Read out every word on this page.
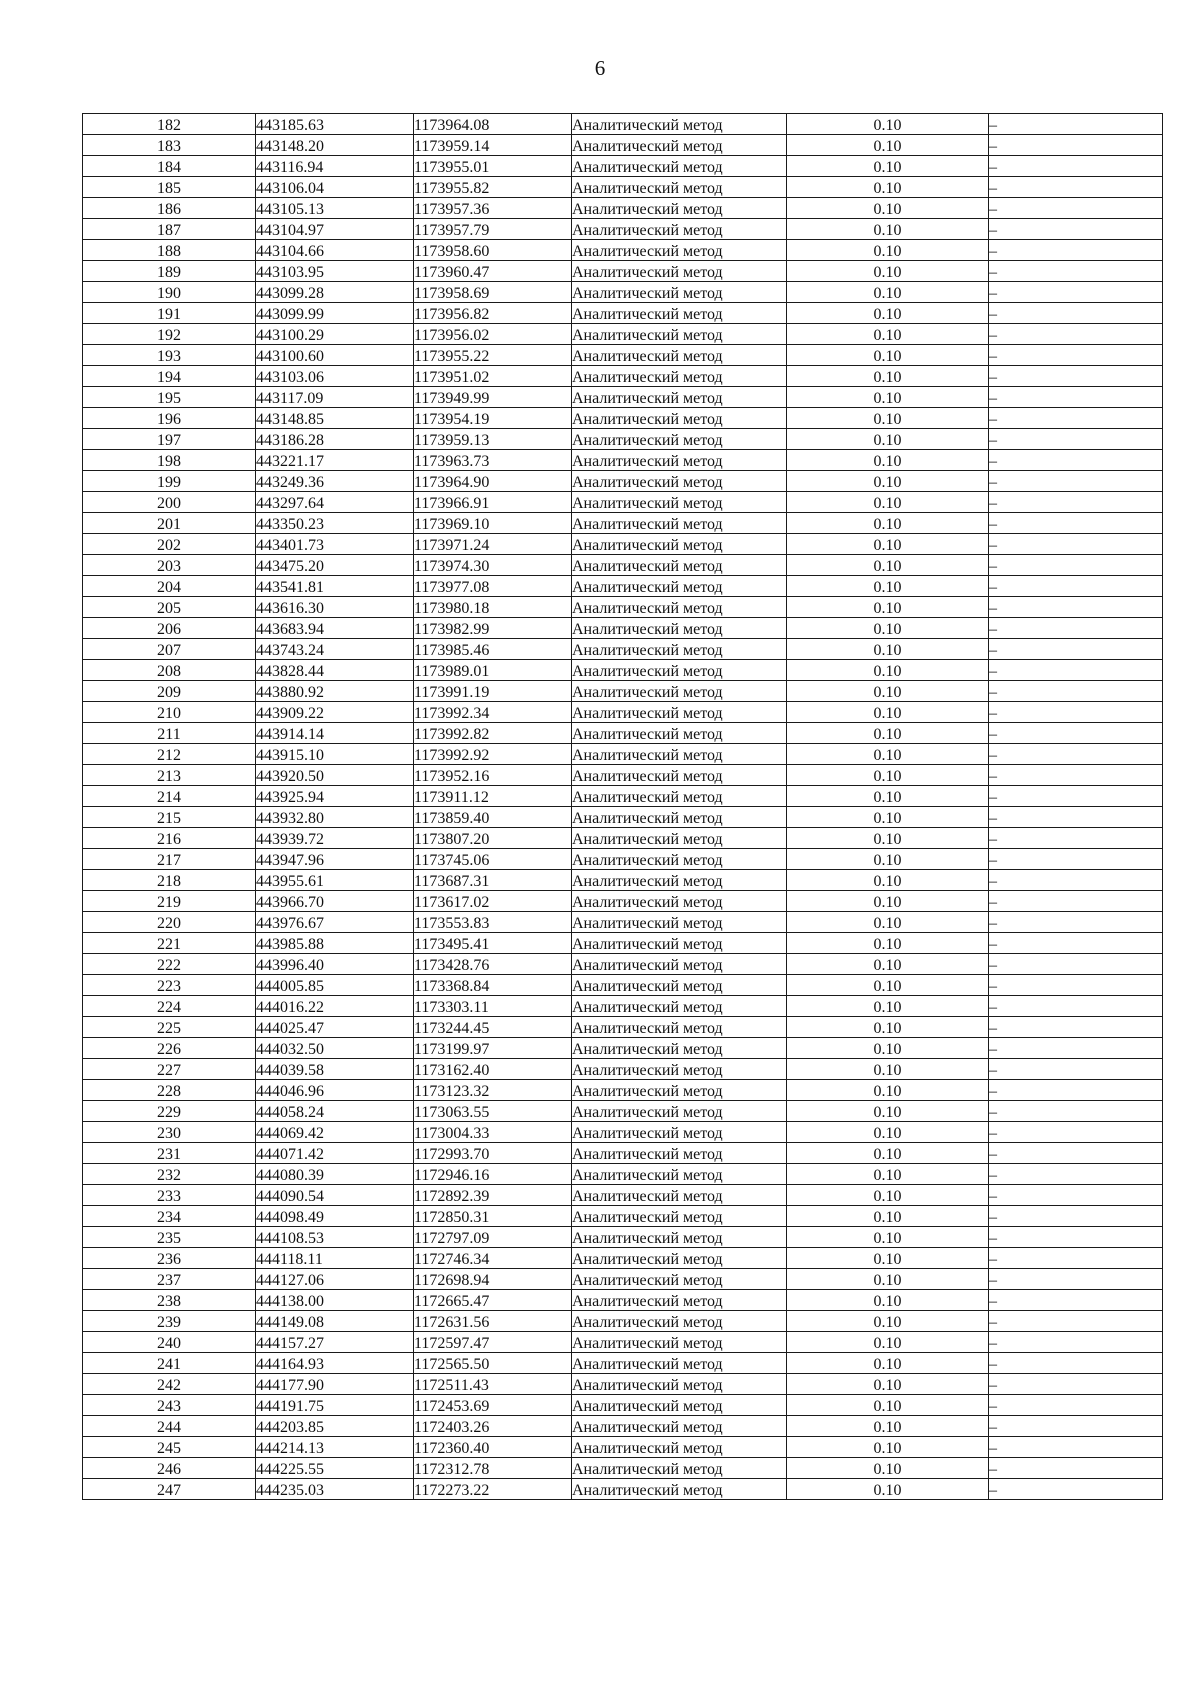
6
182	443185.63	1173964.08	Аналитический метод	0.10	–
183	443148.20	1173959.14	Аналитический метод	0.10	–
184	443116.94	1173955.01	Аналитический метод	0.10	–
185	443106.04	1173955.82	Аналитический метод	0.10	–
186	443105.13	1173957.36	Аналитический метод	0.10	–
187	443104.97	1173957.79	Аналитический метод	0.10	–
188	443104.66	1173958.60	Аналитический метод	0.10	–
189	443103.95	1173960.47	Аналитический метод	0.10	–
190	443099.28	1173958.69	Аналитический метод	0.10	–
191	443099.99	1173956.82	Аналитический метод	0.10	–
192	443100.29	1173956.02	Аналитический метод	0.10	–
193	443100.60	1173955.22	Аналитический метод	0.10	–
194	443103.06	1173951.02	Аналитический метод	0.10	–
195	443117.09	1173949.99	Аналитический метод	0.10	–
196	443148.85	1173954.19	Аналитический метод	0.10	–
197	443186.28	1173959.13	Аналитический метод	0.10	–
198	443221.17	1173963.73	Аналитический метод	0.10	–
199	443249.36	1173964.90	Аналитический метод	0.10	–
200	443297.64	1173966.91	Аналитический метод	0.10	–
201	443350.23	1173969.10	Аналитический метод	0.10	–
202	443401.73	1173971.24	Аналитический метод	0.10	–
203	443475.20	1173974.30	Аналитический метод	0.10	–
204	443541.81	1173977.08	Аналитический метод	0.10	–
205	443616.30	1173980.18	Аналитический метод	0.10	–
206	443683.94	1173982.99	Аналитический метод	0.10	–
207	443743.24	1173985.46	Аналитический метод	0.10	–
208	443828.44	1173989.01	Аналитический метод	0.10	–
209	443880.92	1173991.19	Аналитический метод	0.10	–
210	443909.22	1173992.34	Аналитический метод	0.10	–
211	443914.14	1173992.82	Аналитический метод	0.10	–
212	443915.10	1173992.92	Аналитический метод	0.10	–
213	443920.50	1173952.16	Аналитический метод	0.10	–
214	443925.94	1173911.12	Аналитический метод	0.10	–
215	443932.80	1173859.40	Аналитический метод	0.10	–
216	443939.72	1173807.20	Аналитический метод	0.10	–
217	443947.96	1173745.06	Аналитический метод	0.10	–
218	443955.61	1173687.31	Аналитический метод	0.10	–
219	443966.70	1173617.02	Аналитический метод	0.10	–
220	443976.67	1173553.83	Аналитический метод	0.10	–
221	443985.88	1173495.41	Аналитический метод	0.10	–
222	443996.40	1173428.76	Аналитический метод	0.10	–
223	444005.85	1173368.84	Аналитический метод	0.10	–
224	444016.22	1173303.11	Аналитический метод	0.10	–
225	444025.47	1173244.45	Аналитический метод	0.10	–
226	444032.50	1173199.97	Аналитический метод	0.10	–
227	444039.58	1173162.40	Аналитический метод	0.10	–
228	444046.96	1173123.32	Аналитический метод	0.10	–
229	444058.24	1173063.55	Аналитический метод	0.10	–
230	444069.42	1173004.33	Аналитический метод	0.10	–
231	444071.42	1172993.70	Аналитический метод	0.10	–
232	444080.39	1172946.16	Аналитический метод	0.10	–
233	444090.54	1172892.39	Аналитический метод	0.10	–
234	444098.49	1172850.31	Аналитический метод	0.10	–
235	444108.53	1172797.09	Аналитический метод	0.10	–
236	444118.11	1172746.34	Аналитический метод	0.10	–
237	444127.06	1172698.94	Аналитический метод	0.10	–
238	444138.00	1172665.47	Аналитический метод	0.10	–
239	444149.08	1172631.56	Аналитический метод	0.10	–
240	444157.27	1172597.47	Аналитический метод	0.10	–
241	444164.93	1172565.50	Аналитический метод	0.10	–
242	444177.90	1172511.43	Аналитический метод	0.10	–
243	444191.75	1172453.69	Аналитический метод	0.10	–
244	444203.85	1172403.26	Аналитический метод	0.10	–
245	444214.13	1172360.40	Аналитический метод	0.10	–
246	444225.55	1172312.78	Аналитический метод	0.10	–
247	444235.03	1172273.22	Аналитический метод	0.10	–
